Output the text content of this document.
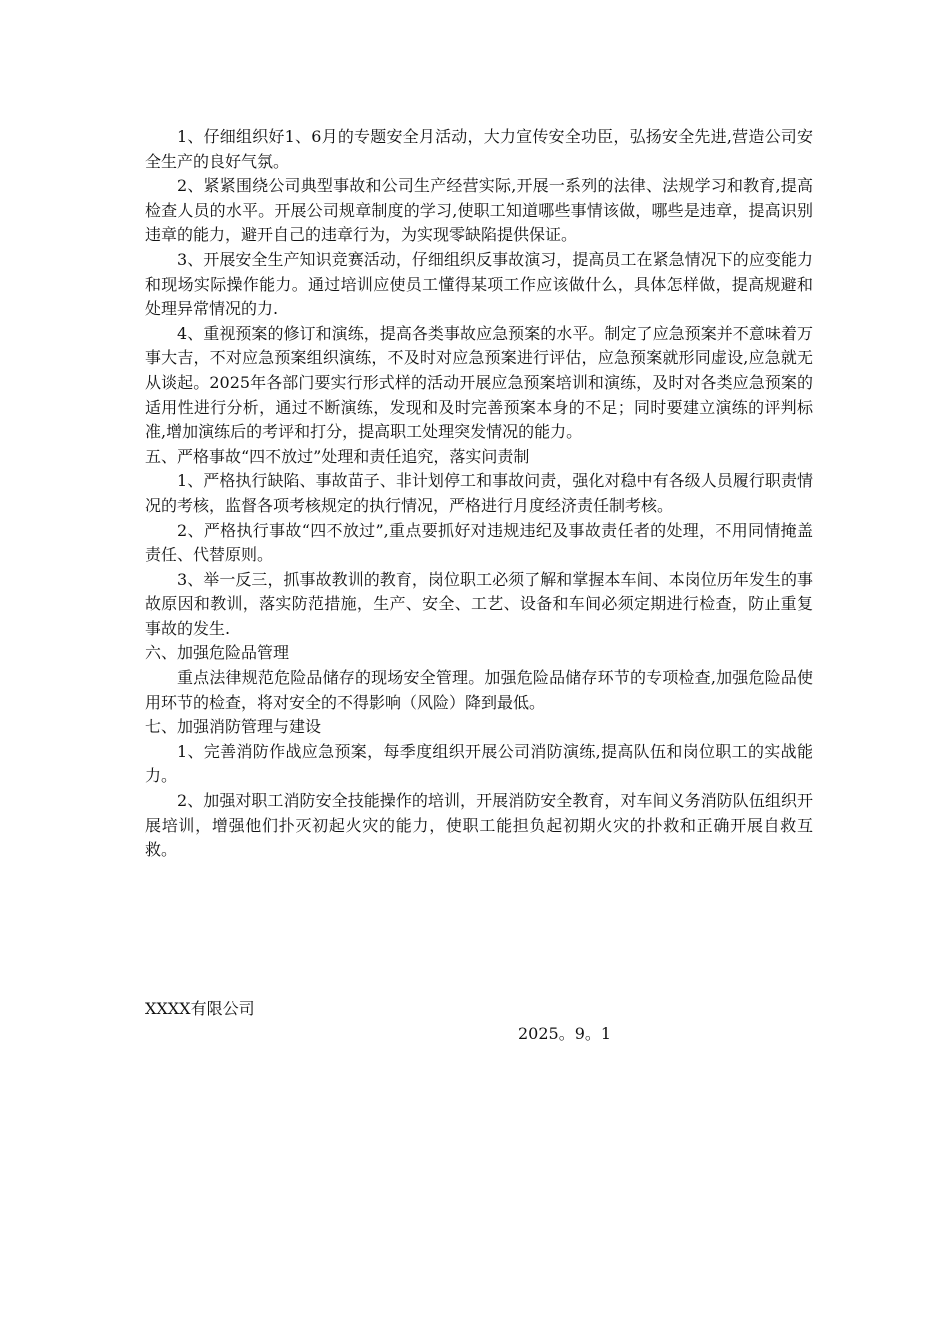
1、仔细组织好1、6月的专题安全月活动，大力宣传安全功臣，弘扬安全先进,营造公司安全生产的良好气氛。

2、紧紧围绕公司典型事故和公司生产经营实际,开展一系列的法律、法规学习和教育,提高检查人员的水平。开展公司规章制度的学习,使职工知道哪些事情该做，哪些是违章，提高识别违章的能力，避开自己的违章行为，为实现零缺陷提供保证。

3、开展安全生产知识竞赛活动，仔细组织反事故演习，提高员工在紧急情况下的应变能力和现场实际操作能力。通过培训应使员工懂得某项工作应该做什么，具体怎样做，提高规避和处理异常情况的力.

4、重视预案的修订和演练，提高各类事故应急预案的水平。制定了应急预案并不意味着万事大吉，不对应急预案组织演练，不及时对应急预案进行评估，应急预案就形同虚设,应急就无从谈起。2025年各部门要实行形式样的活动开展应急预案培训和演练，及时对各类应急预案的适用性进行分析，通过不断演练，发现和及时完善预案本身的不足；同时要建立演练的评判标准,增加演练后的考评和打分，提高职工处理突发情况的能力。

五、严格事故“四不放过”处理和责任追究，落实问责制

1、严格执行缺陷、事故苗子、非计划停工和事故问责，强化对稳中有各级人员履行职责情况的考核，监督各项考核规定的执行情况，严格进行月度经济责任制考核。

2、严格执行事故“四不放过”,重点要抓好对违规违纪及事故责任者的处理，不用同情掩盖责任、代替原则。

3、举一反三，抓事故教训的教育，岗位职工必须了解和掌握本车间、本岗位历年发生的事故原因和教训，落实防范措施，生产、安全、工艺、设备和车间必须定期进行检查，防止重复事故的发生.

六、加强危险品管理

重点法律规范危险品储存的现场安全管理。加强危险品储存环节的专项检查,加强危险品使用环节的检查，将对安全的不得影响（风险）降到最低。

七、加强消防管理与建设

1、完善消防作战应急预案，每季度组织开展公司消防演练,提高队伍和岗位职工的实战能力。

2、加强对职工消防安全技能操作的培训，开展消防安全教育，对车间义务消防队伍组织开展培训，增强他们扑灭初起火灾的能力，使职工能担负起初期火灾的扑救和正确开展自救互救。

XXXX有限公司
2025。9。1
